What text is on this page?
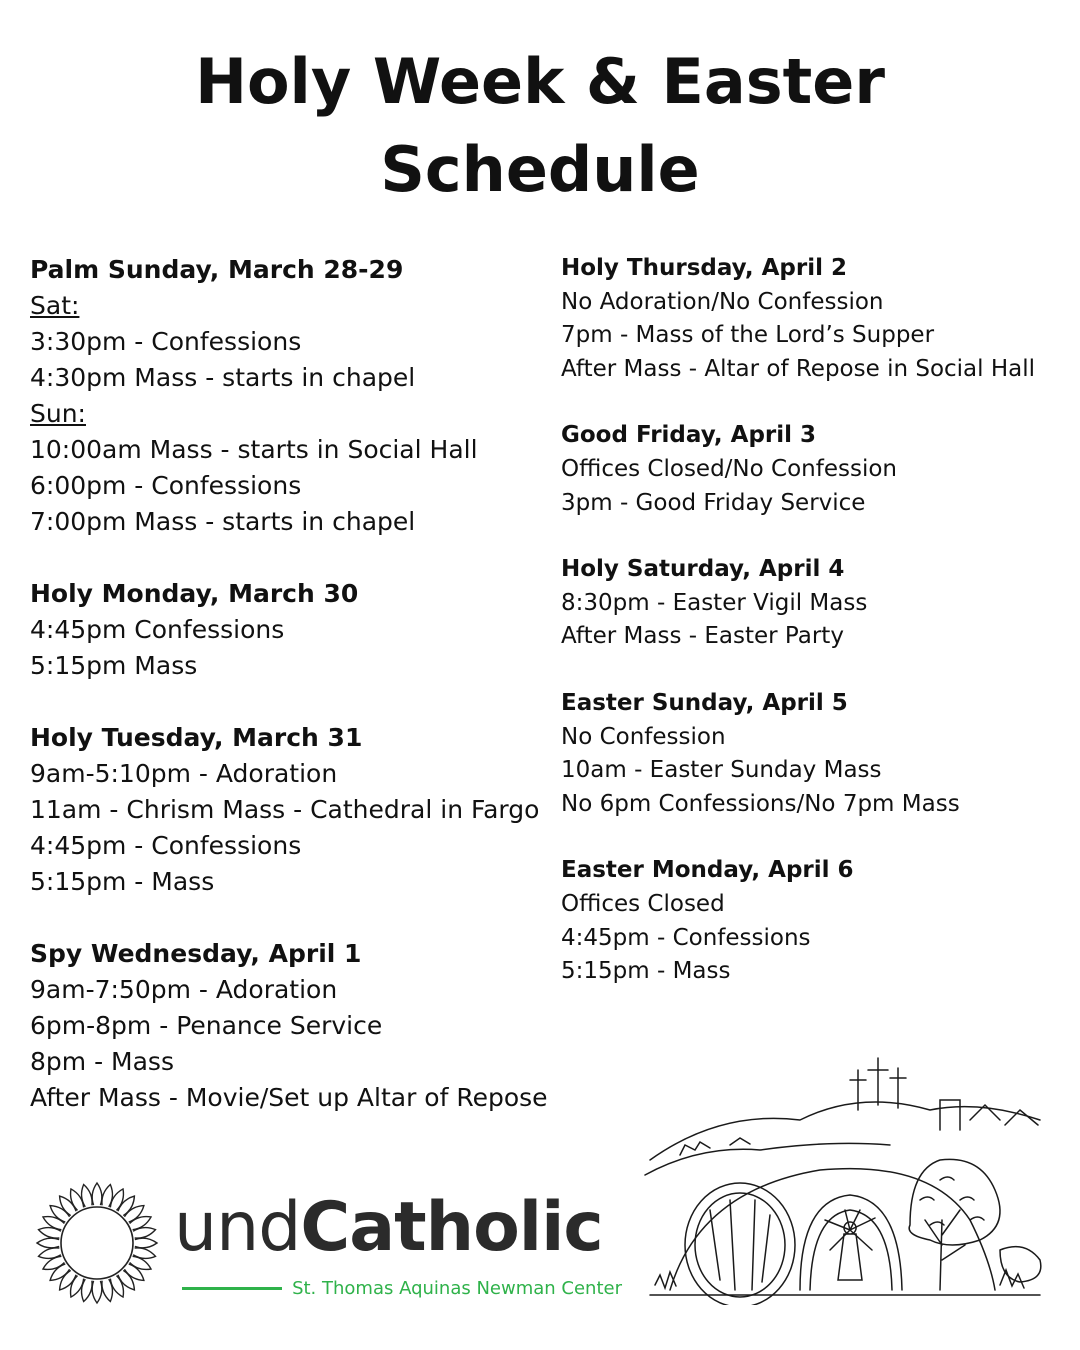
Holy Week & Easter
Schedule
Palm Sunday, March 28-29
Sat:
3:30pm - Confessions
4:30pm Mass - starts in chapel
Sun:
10:00am Mass - starts in Social Hall
6:00pm - Confessions
7:00pm Mass - starts in chapel
Holy Monday, March 30
4:45pm Confessions
5:15pm Mass
Holy Tuesday, March 31
9am-5:10pm - Adoration
11am - Chrism Mass - Cathedral in Fargo
4:45pm - Confessions
5:15pm - Mass
Spy Wednesday, April 1
9am-7:50pm - Adoration
6pm-8pm - Penance Service
8pm - Mass
After Mass - Movie/Set up Altar of Repose
Holy Thursday, April 2
No Adoration/No Confession
7pm - Mass of the Lord’s Supper
After Mass - Altar of Repose in Social Hall
Good Friday, April 3
Offices Closed/No Confession
3pm - Good Friday Service
Holy Saturday, April 4
8:30pm - Easter Vigil Mass
After Mass - Easter Party
Easter Sunday, April 5
No Confession
10am - Easter Sunday Mass
No 6pm Confessions/No 7pm Mass
Easter Monday, April 6
Offices Closed
4:45pm - Confessions
5:15pm - Mass
undCatholic
St. Thomas Aquinas Newman Center
